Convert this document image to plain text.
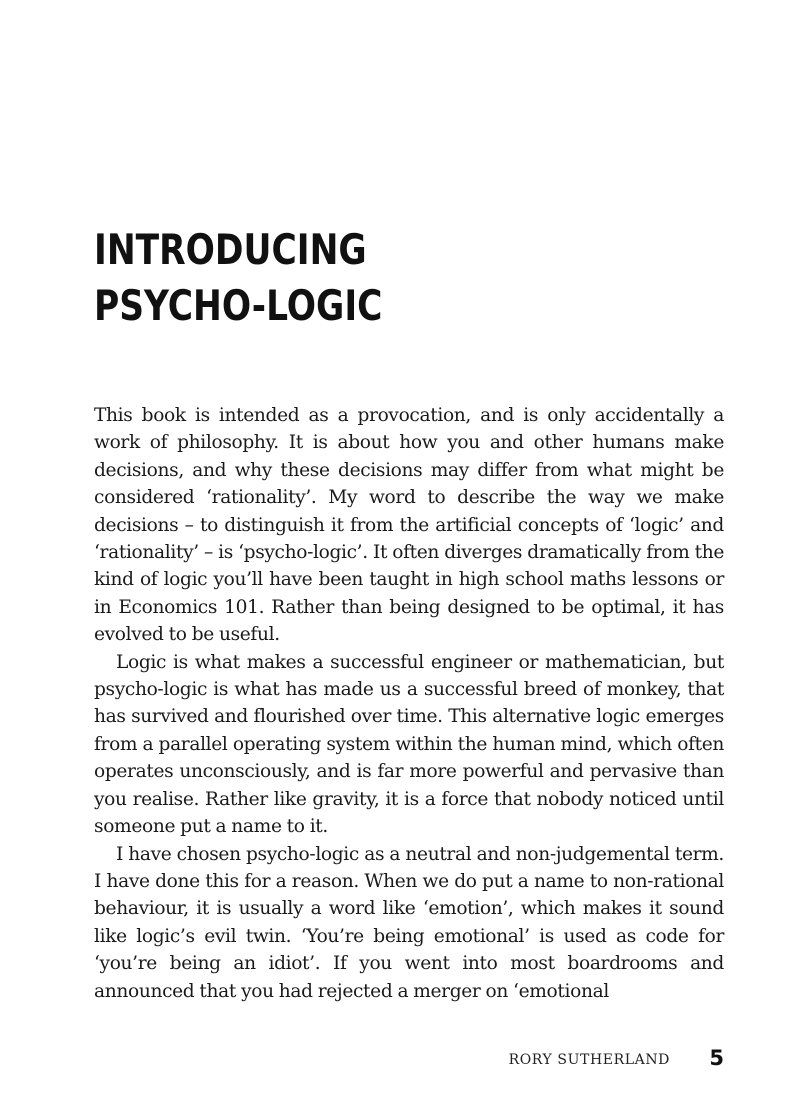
INTRODUCING
PSYCHO-LOGIC

This book is intended as a provocation, and is only accidentally a work of philosophy. It is about how you and other humans make decisions, and why these decisions may differ from what might be considered ‘rationality’. My word to describe the way we make decisions – to distinguish it from the artificial concepts of ‘logic’ and ‘rationality’ – is ‘psycho-logic’. It often diverges dramatically from the kind of logic you’ll have been taught in high school maths lessons or in Economics 101. Rather than being designed to be optimal, it has evolved to be useful.

Logic is what makes a successful engineer or mathematician, but psycho-logic is what has made us a successful breed of monkey, that has survived and flourished over time. This alternative logic emerges from a parallel operating system within the human mind, which often operates unconsciously, and is far more powerful and pervasive than you realise. Rather like gravity, it is a force that nobody noticed until someone put a name to it.

I have chosen psycho-logic as a neutral and non-judgemental term. I have done this for a reason. When we do put a name to non-rational behaviour, it is usually a word like ‘emotion’, which makes it sound like logic’s evil twin. ‘You’re being emotional’ is used as code for ‘you’re being an idiot’. If you went into most boardrooms and announced that you had rejected a merger on ‘emotional

RORY SUTHERLAND 5
